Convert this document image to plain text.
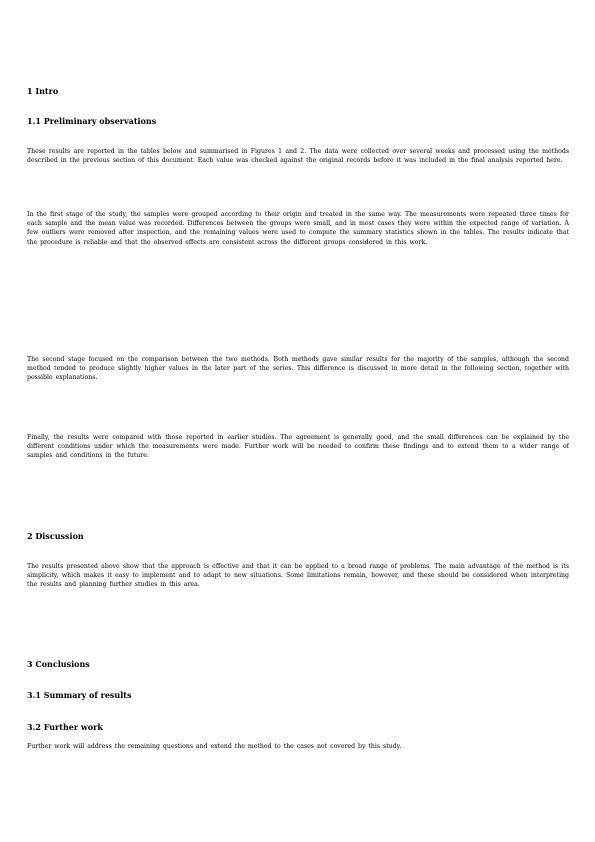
1 Intro
1.1 Preliminary observations
These results are reported in the tables below and summarised in Figures 1 and 2. The data were collected over several weeks and processed using the methods described in the previous section of this document. Each value was checked against the original records before it was included in the final analysis reported here.
In the first stage of the study, the samples were grouped according to their origin and treated in the same way. The measurements were repeated three times for each sample and the mean value was recorded. Differences between the groups were small, and in most cases they were within the expected range of variation. A few outliers were removed after inspection, and the remaining values were used to compute the summary statistics shown in the tables. The results indicate that the procedure is reliable and that the observed effects are consistent across the different groups considered in this work.
The second stage focused on the comparison between the two methods. Both methods gave similar results for the majority of the samples, although the second method tended to produce slightly higher values in the later part of the series. This difference is discussed in more detail in the following section, together with possible explanations.
Finally, the results were compared with those reported in earlier studies. The agreement is generally good, and the small differences can be explained by the different conditions under which the measurements were made. Further work will be needed to confirm these findings and to extend them to a wider range of samples and conditions in the future.
2 Discussion
The results presented above show that the approach is effective and that it can be applied to a broad range of problems. The main advantage of the method is its simplicity, which makes it easy to implement and to adapt to new situations. Some limitations remain, however, and these should be considered when interpreting the results and planning further studies in this area.
3 Conclusions
3.1 Summary of results
3.2 Further work
Further work will address the remaining questions and extend the method to the cases not covered by this study.
